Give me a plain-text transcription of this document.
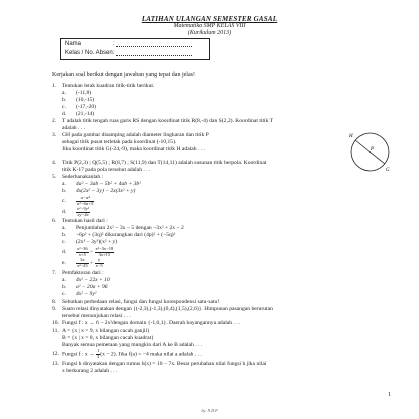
LATIHAN ULANGAN SEMESTER GASAL
Matematika SMP KELAS VIII
(Kurikulum 2013)
Nama	:
Kelas / No. Absen:
Kerjakan soal berikut dengan jawaban yang tepat dan jelas!
1.	Tentukan letak kuadran titik-titik berikut.
a. (-11,8)
b. (10,-15)
c. (-17,-20)
d. (21,-14)
2.	T adalah titik tengah ruas garis RS dengan koordinat titik R(8,-4) dan S(2,2). Koordinat titik T
adalah . . .
3.	GH pada gambar disamping adalah diameter lingkaran dan titik P
sebagai titik pusat terletak pada koordinat (-10,15).
Jika koordinat titik G(-24,-9), maka koordinat titik H adalah . . .
H
P
G
4.	Titik P(2,3) ; Q(5,5) ; R(8,7) ; S(11,9) dan T(14,11) adalah susunan titik berpola. Koordinat
titik K-17 pada pola tersebut adalah . . .
5.	Sederhanakanlah :
a. 4a² − 3ab − 5b² + 4ab + 3b²
b. 4x(2x² − 3y) − 2x(3x² + y)
c. $\frac{\text{a−a⁴}}{\text{a²−6a+5}}$
d. $\frac{\text{x²−9y²}}{xy-4x}$
6.	Tentukan hasil dari :
a. Penjumlahan 2x² − 3x − 5 dengan −3x² + 2x − 2
b. −6p² + (3q)² dikurangkan dari (4p)² + (−5q)²
c. (2x³ − 3y²)(x² + y)
d. $\frac{\text{x²−36}}{x+5} \div \frac{\text{x²−3x−18}}{3x+15}$
e. $\frac{3x}{\text{x²−25}} + \frac{y}{x-5}$
7.	Pemfaktoran dari :
a. 4x² − 22x + 10
b. a² − 20a + 96
c. 4x² − 9y²
8.	Sebutkan perbedaan relasi, fungsi dan fungsi korespondensi satu-satu!
9.	Suatu relasi dinyatakan dengan {(-2,3),(-1,3),(0,4),(1,5),(2,6)}. Himpunan pasangan berurutan
tersebut menunjukan relasi . . .
10. Fungsi f : x → 6 − 2x²dengan domain {-1,0,1}. Daerah bayangannya adalah . . .
11. A = {x | x = 9, x bilangan cacah ganjil}
B = {x | x = 8, x bilangan cacah kuadrat}
Banyak semua pemetaan yang mungkin dari A ke B adalah . . .
12. Fungsi f : $x \to \frac{1}{3} (x - 2)$. Jika f(a) = −4 maka nilai a adalah . . .
13. Fungsi h dinyatakan dengan rumus h(x) = 10 − 7x. Besar perubahan nilai fungsi h jika nilai
x berkurang 2 adalah . . .
1
by: N.D.P
